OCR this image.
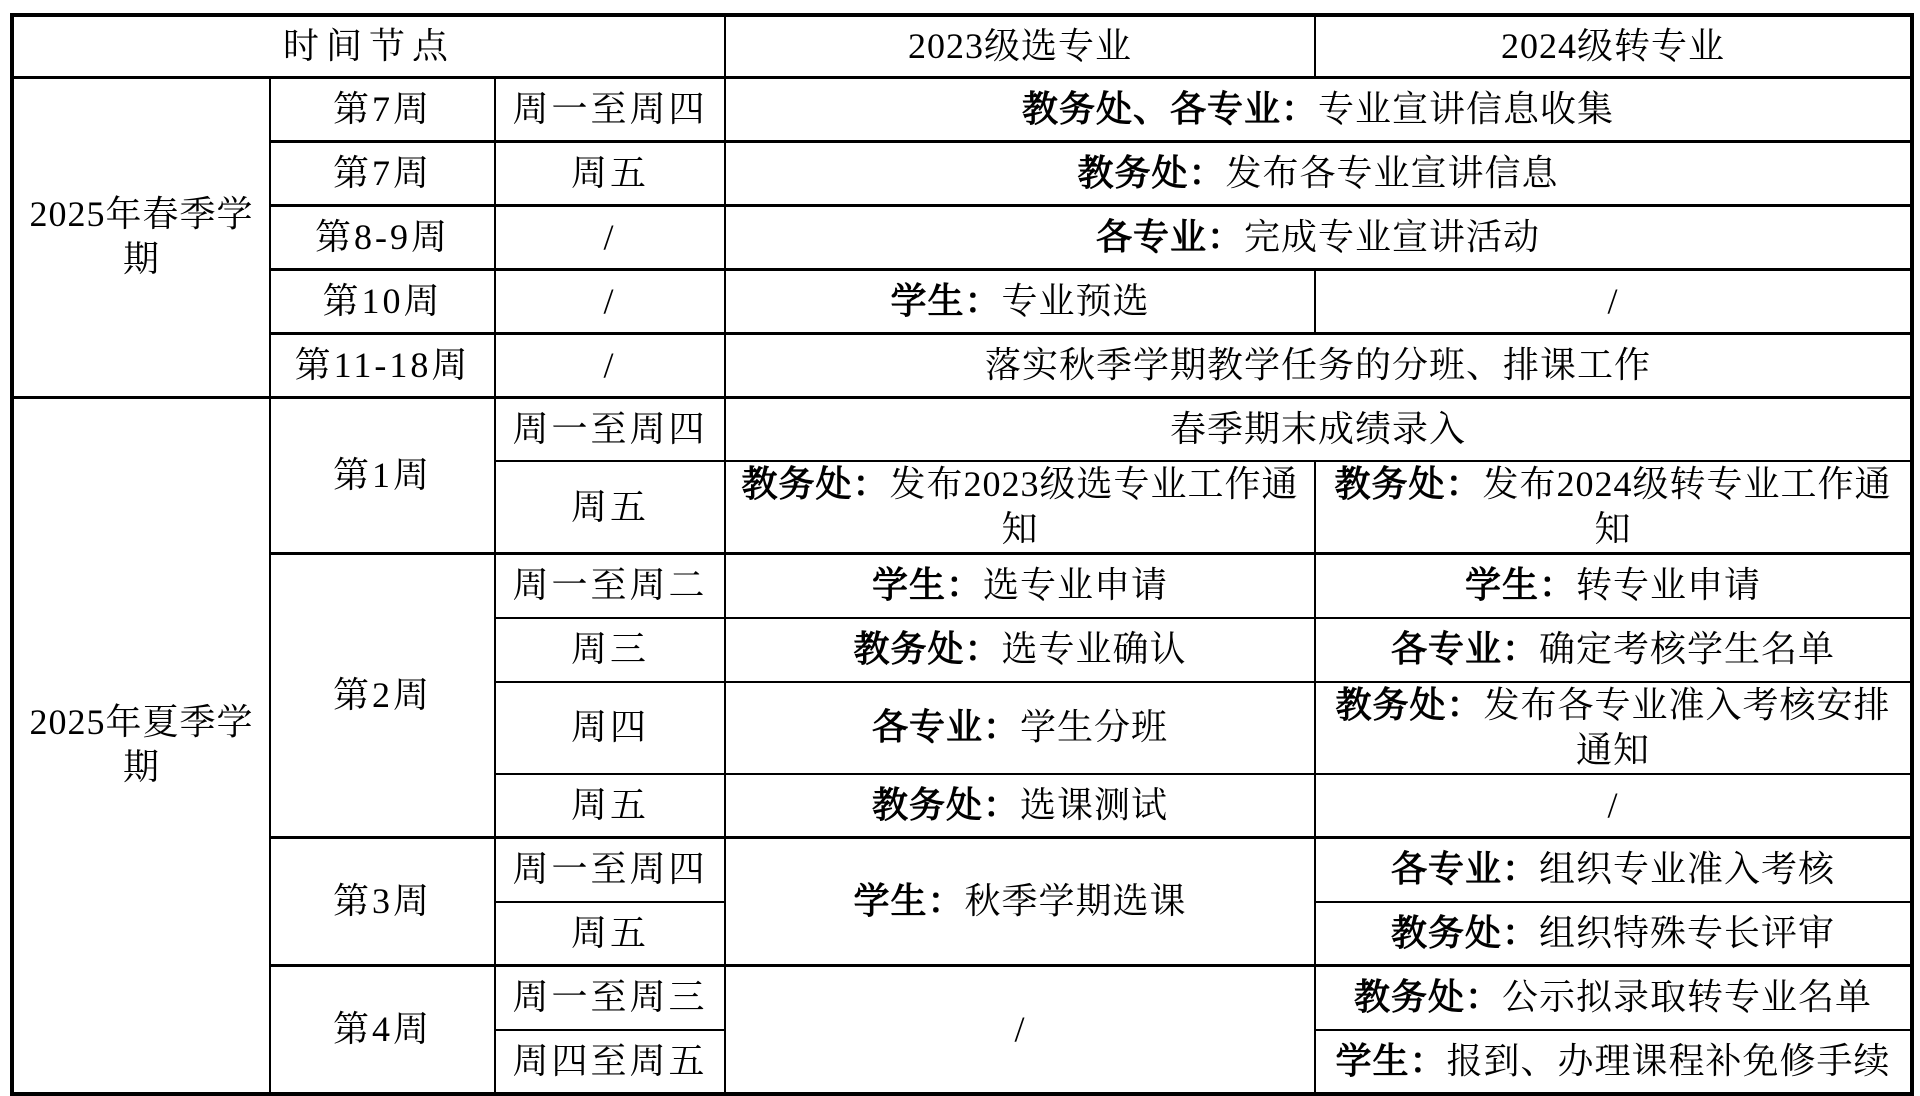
时间节点			2023级选专业	2024级转专业
2025年春季学期	第7周	周一至周四	教务处、各专业：专业宣讲信息收集	
	第7周	周五	教务处：发布各专业宣讲信息	
	第8-9周	/	各专业：完成专业宣讲活动	
	第10周	/	学生：专业预选	/
	第11-18周	/	落实秋季学期教学任务的分班、排课工作	
2025年夏季学期	第1周	周一至周四	春季期末成绩录入	
		周五	教务处：发布2023级选专业工作通知	教务处：发布2024级转专业工作通知
	第2周	周一至周二	学生：选专业申请	学生：转专业申请
		周三	教务处：选专业确认	各专业：确定考核学生名单
		周四	各专业：学生分班	教务处：发布各专业准入考核安排通知
		周五	教务处：选课测试	/
	第3周	周一至周四	学生：秋季学期选课	各专业：组织专业准入考核
		周五		教务处：组织特殊专长评审
	第4周	周一至周三	/	教务处：公示拟录取转专业名单
		周四至周五		学生：报到、办理课程补免修手续
